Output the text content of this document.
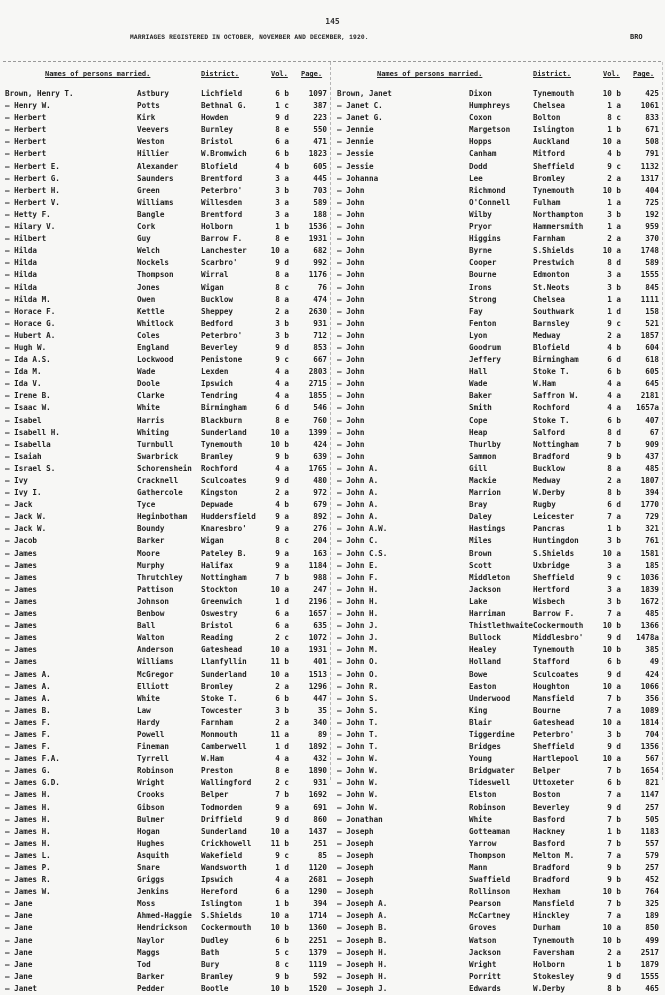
145
MARRIAGES REGISTERED IN OCTOBER, NOVEMBER AND DECEMBER, 1920.	BRO
Names of persons married.	District.	Vol. Page.
Brown, Henry T.	Astbury	Lichfield	6 b	1097
— Henry W.	Potts	Bethnal G.	1 c	387
— Herbert	Kirk	Howden	9 d	223
— Herbert	Veevers	Burnley	8 e	550
— Herbert	Weston	Bristol	6 a	471
— Herbert	Hillier	W.Bromwich	6 b	1823
— Herbert E.	Alexander	Blofield	4 b	605
— Herbert G.	Saunders	Brentford	3 a	445
— Herbert H.	Green	Peterbro'	3 b	703
— Herbert V.	Williams	Willesden	3 a	589
— Hetty F.	Bangle	Brentford	3 a	188
— Hilary V.	Cork	Holborn	1 b	1536
— Hilbert	Guy	Barrow F.	8 e	1931
— Hilda	Welch	Lanchester	10 a	682
— Hilda	Nockels	Scarbro'	9 d	992
— Hilda	Thompson	Wirral	8 a	1176
— Hilda	Jones	Wigan	8 c	76
— Hilda M.	Owen	Bucklow	8 a	474
— Horace F.	Kettle	Sheppey	2 a	2630
— Horace G.	Whitlock	Bedford	3 b	931
— Hubert A.	Coles	Peterbro'	3 b	712
— Hugh W.	England	Beverley	9 d	853
— Ida A.S.	Lockwood	Penistone	9 c	667
— Ida M.	Wade	Lexden	4 a	2803
— Ida V.	Doole	Ipswich	4 a	2715
— Irene B.	Clarke	Tendring	4 a	1855
— Isaac W.	White	Birmingham	6 d	546
— Isabel	Harris	Blackburn	8 e	760
— Isabell H.	Whiting	Sunderland	10 a	1399
— Isabella	Turnbull	Tynemouth	10 b	424
— Isaiah	Swarbrick	Bramley	9 b	639
— Israel S.	Schorenshein Rochford	4 a	1765
— Ivy	Cracknell	Sculcoates	9 d	480
— Ivy I.	Gathercole Kingston	2 a	972
— Jack	Tyce	Depwade	4 b	679
— Jack W.	Heginbotham Huddersfield	9 a	892
— Jack W.	Boundy	Knaresbro'	9 a	276
— Jacob	Barker	Wigan	8 c	204
— James	Moore	Pateley B.	9 a	163
— James	Murphy	Halifax	9 a	1184
— James	Thrutchley Nottingham	7 b	988
— James	Pattison	Stockton	10 a	247
— James	Johnson	Greenwich	1 d	2196
— James	Benbow	Oswestry	6 a	1657
— James	Ball	Bristol	6 a	635
— James	Walton	Reading	2 c	1072
— James	Anderson	Gateshead	10 a	1931
— James	Williams	Llanfyllin	11 b	401
— James A.	McGregor	Sunderland	10 a	1513
— James A.	Elliott	Bromley	2 a	1296
— James A.	White	Stoke T.	6 b	447
— James B.	Law	Towcester	3 b	35
— James F.	Hardy	Farnham	2 a	340
— James F.	Powell	Monmouth	11 a	89
— James F.	Fineman	Camberwell	1 d	1892
— James F.A.	Tyrrell	W.Ham	4 a	432
— James G.	Robinson	Preston	8 e	1890
— James G.D.	Wright	Wallingford	2 c	931
— James H.	Crooks	Belper	7 b	1692
— James H.	Gibson	Todmorden	9 a	691
— James H.	Bulmer	Driffield	9 d	860
— James H.	Hogan	Sunderland	10 a	1437
— James H.	Hughes	Crickhowell	11 b	251
— James L.	Asquith	Wakefield	9 c	85
— James P.	Snare	Wandsworth	1 d	1120
— James R.	Griggs	Ipswich	4 a	2681
— James W.	Jenkins	Hereford	6 a	1290
— Jane	Moss	Islington	1 b	394
— Jane	Ahmed-Haggie S.Shields	10 a	1714
— Jane	Hendrickson Cockermouth	10 b	1360
— Jane	Naylor	Dudley	6 b	2251
— Jane	Maggs	Bath	5 c	1379
— Jane	Tod	Bury	8 c	1119
— Jane	Barker	Bramley	9 b	592
— Janet	Pedder	Bootle	10 b	1520
Names of persons married.	District.	Vol. Page.
Brown, Janet	Dixon	Tynemouth	10 b	425
— Janet C.	Humphreys	Chelsea	1 a	1061
— Janet G.	Coxon	Bolton	8 c	833
— Jennie	Margetson	Islington	1 b	671
— Jennie	Hopps	Auckland	10 a	508
— Jessie	Canham	Mitford	4 b	791
— Jessie	Dodd	Sheffield	9 c	1132
— Johanna	Lee	Bromley	2 a	1317
— John	Richmond	Tynemouth	10 b	404
— John	O'Connell	Fulham	1 a	725
— John	Wilby	Northampton	3 b	192
— John	Pryor	Hammersmith	1 a	959
— John	Higgins	Farnham	2 a	370
— John	Byrne	S.Shields	10 a	1748
— John	Cooper	Prestwich	8 d	589
— John	Bourne	Edmonton	3 a	1555
— John	Irons	St.Neots	3 b	845
— John	Strong	Chelsea	1 a	1111
— John	Fay	Southwark	1 d	158
— John	Fenton	Barnsley	9 c	521
— John	Lyon	Medway	2 a	1857
— John	Goodrum	Blofield	4 b	604
— John	Jeffery	Birmingham	6 d	618
— John	Hall	Stoke T.	6 b	605
— John	Wade	W.Ham	4 a	645
— John	Baker	Saffron W.	4 a	2181
— John	Smith	Rochford	4 a	1657a
— John	Cope	Stoke T.	6 b	407
— John	Heap	Salford	8 d	67
— John	Thurlby	Nottingham	7 b	909
— John	Sammon	Bradford	9 b	437
— John A.	Gill	Bucklow	8 a	485
— John A.	Mackie	Medway	2 a	1807
— John A.	Marrion	W.Derby	8 b	394
— John A.	Bray	Rugby	6 d	1770
— John A.	Daley	Leicester	7 a	729
— John A.W.	Hastings	Pancras	1 b	321
— John C.	Miles	Huntingdon	3 b	761
— John C.S.	Brown	S.Shields	10 a	1581
— John E.	Scott	Uxbridge	3 a	185
— John F.	Middleton	Sheffield	9 c	1036
— John H.	Jackson	Hertford	3 a	1839
— John H.	Lake	Wisbech	3 b	1672
— John H.	Harriman	Barrow F.	7 a	485
— John J.	Thistlethwaite Cockermouth	10 b	1366
— John J.	Bullock	Middlesbro'	9 d	1478a
— John M.	Healey	Tynemouth	10 b	385
— John O.	Holland	Stafford	6 b	49
— John O.	Bowe	Sculcoates	9 d	424
— John R.	Easton	Houghton	10 a	1066
— John S.	Underwood	Mansfield	7 b	356
— John S.	King	Bourne	7 a	1089
— John T.	Blair	Gateshead	10 a	1814
— John T.	Tiggerdine Peterbro'	3 b	704
— John T.	Bridges	Sheffield	9 d	1356
— John W.	Young	Hartlepool	10 a	567
— John W.	Bridgwater Belper	7 b	1654
— John W.	Tideswell	Uttoxeter	6 b	821
— John W.	Elston	Boston	7 a	1147
— John W.	Robinson	Beverley	9 d	257
— Jonathan	White	Basford	7 b	505
— Joseph	Gotteaman	Hackney	1 b	1183
— Joseph	Yarrow	Basford	7 b	557
— Joseph	Thompson	Melton M.	7 a	579
— Joseph	Mann	Bradford	9 b	257
— Joseph	Swaffield	Bradford	9 b	452
— Joseph	Rollinson	Hexham	10 b	764
— Joseph A.	Pearson	Mansfield	7 b	325
— Joseph A.	McCartney	Hinckley	7 a	189
— Joseph B.	Groves	Durham	10 a	850
— Joseph B.	Watson	Tynemouth	10 b	499
— Joseph H.	Jackson	Faversham	2 a	2517
— Joseph H.	Wright	Holborn	1 b	1879
— Joseph H.	Porritt	Stokesley	9 d	1555
— Joseph J.	Edwards	W.Derby	8 b	465
